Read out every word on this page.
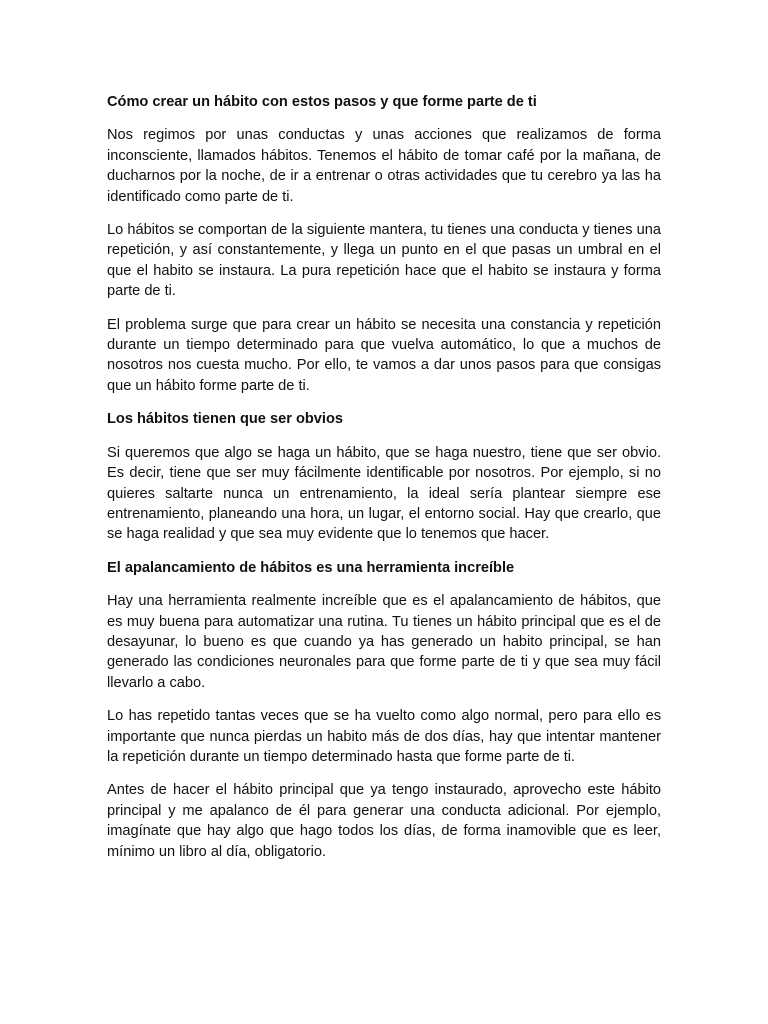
Cómo crear un hábito con estos pasos y que forme parte de ti

Nos regimos por unas conductas y unas acciones que realizamos de forma inconsciente, llamados hábitos. Tenemos el hábito de tomar café por la mañana, de ducharnos por la noche, de ir a entrenar o otras actividades que tu cerebro ya las ha identificado como parte de ti.

Lo hábitos se comportan de la siguiente mantera, tu tienes una conducta y tienes una repetición, y así constantemente, y llega un punto en el que pasas un umbral en el que el habito se instaura. La pura repetición hace que el habito se instaura y forma parte de ti.

El problema surge que para crear un hábito se necesita una constancia y repetición durante un tiempo determinado para que vuelva automático, lo que a muchos de nosotros nos cuesta mucho. Por ello, te vamos a dar unos pasos para que consigas que un hábito forme parte de ti.

Los hábitos tienen que ser obvios

Si queremos que algo se haga un hábito, que se haga nuestro, tiene que ser obvio. Es decir, tiene que ser muy fácilmente identificable por nosotros. Por ejemplo, si no quieres saltarte nunca un entrenamiento, la ideal sería plantear siempre ese entrenamiento, planeando una hora, un lugar, el entorno social. Hay que crearlo, que se haga realidad y que sea muy evidente que lo tenemos que hacer.

El apalancamiento de hábitos es una herramienta increíble

Hay una herramienta realmente increíble que es el apalancamiento de hábitos, que es muy buena para automatizar una rutina. Tu tienes un hábito principal que es el de desayunar, lo bueno es que cuando ya has generado un habito principal, se han generado las condiciones neuronales para que forme parte de ti y que sea muy fácil llevarlo a cabo.

Lo has repetido tantas veces que se ha vuelto como algo normal, pero para ello es importante que nunca pierdas un habito más de dos días, hay que intentar mantener la repetición durante un tiempo determinado hasta que forme parte de ti.

Antes de hacer el hábito principal que ya tengo instaurado, aprovecho este hábito principal y me apalanco de él para generar una conducta adicional. Por ejemplo, imagínate que hay algo que hago todos los días, de forma inamovible que es leer, mínimo un libro al día, obligatorio.
